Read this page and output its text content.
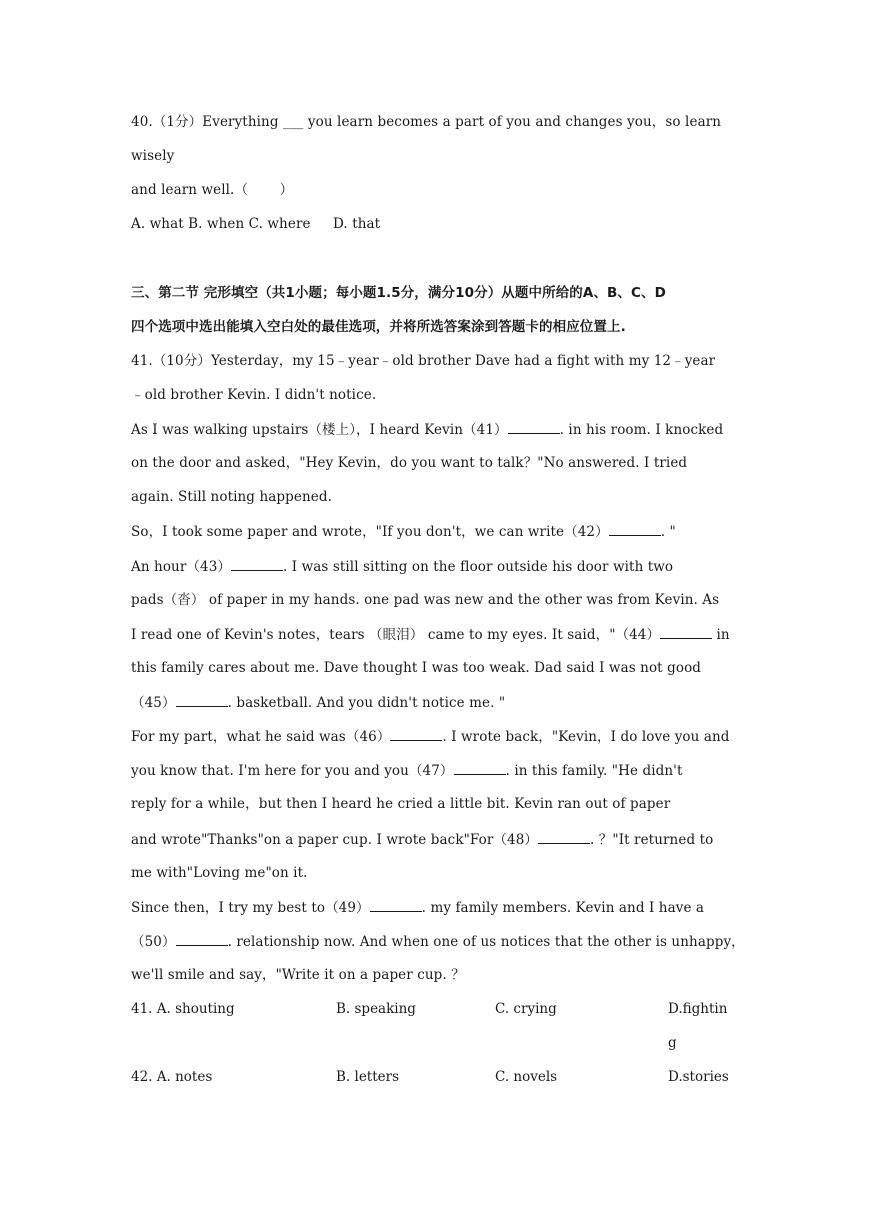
40.（1分）Everything ___ you learn becomes a part of you and changes you，so learn
wisely
and learn well.（　 　）
A. what B. when C. where 　 D. that
三、第二节 完形填空（共1小题；每小题1.5分，满分10分）从题中所给的A、B、C、D
四个选项中选出能填入空白处的最佳选项，并将所选答案涂到答题卡的相应位置上.
41.（10分）Yesterday，my 15﹣year﹣old brother Dave had a fight with my 12﹣year
﹣old brother Kevin. I didn't notice.
As I was walking upstairs（楼上），I heard Kevin（41）	. in his room. I knocked
on the door and asked，"Hey Kevin，do you want to talk？"No answered. I tried
again. Still noting happened.
So，I took some paper and wrote，"If you don't，we can write（42）	. "
An hour（43）	. I was still sitting on the floor outside his door with two
pads（沓） of paper in my hands. one pad was new and the other was from Kevin. As
I read one of Kevin's notes，tears （眼泪） came to my eyes. It said，"（44）	in
this family cares about me. Dave thought I was too weak. Dad said I was not good
（45）	. basketball. And you didn't notice me. "
For my part，what he said was（46）	. I wrote back，"Kevin，I do love you and
you know that. I'm here for you and you（47）	. in this family. "He didn't
reply for a while，but then I heard he cried a little bit. Kevin ran out of paper
and wrote"Thanks"on a paper cup. I wrote back"For（48）	. ？"It returned to
me with"Loving me"on it.
Since then，I try my best to（49）	. my family members. Kevin and I have a
（50）	. relationship now. And when one of us notices that the other is unhappy，
we'll smile and say，"Write it on a paper cup. ？
41. A. shouting	B. speaking	C. crying	D.fightin
g
42. A. notes	B. letters	C. novels	D.stories
